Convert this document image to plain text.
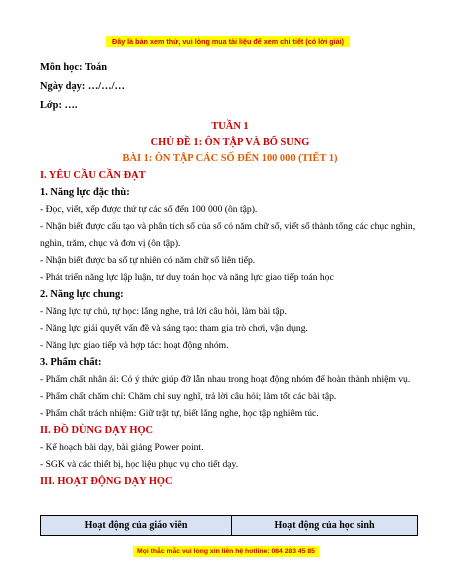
Đây là bản xem thử, vui lòng mua tài liệu để xem chi tiết (có lời giải)
Môn học: Toán
Ngày dạy: …/…/…
Lớp: ….
TUẦN 1
CHỦ ĐỀ 1: ÔN TẬP VÀ BỔ SUNG
BÀI 1: ÔN TẬP CÁC SỐ ĐẾN 100 000 (TIẾT 1)
I. YÊU CẦU CẦN ĐẠT
1. Năng lực đặc thù:

- Đọc, viết, xếp được thứ tự các số đến 100 000 (ôn tập).

- Nhận biết được cấu tạo và phân tích số của số có năm chữ số, viết số thành tổng các chục nghìn, nghìn, trăm, chục và đơn vị (ôn tập).

- Nhận biết được ba số tự nhiên có năm chữ số liên tiếp.

- Phát triển năng lực lập luận, tư duy toán học và năng lực giao tiếp toán học

2. Năng lực chung:

- Năng lực tự chủ, tự học: lắng nghe, trả lời câu hỏi, làm bài tập.

- Năng lực giải quyết vấn đề và sáng tạo: tham gia trò chơi, vận dụng.

- Năng lực giao tiếp và hợp tác: hoạt động nhóm.

3. Phẩm chất:

- Phẩm chất nhân ái: Có ý thức giúp đỡ lẫn nhau trong hoạt động nhóm để hoàn thành nhiệm vụ.

- Phẩm chất chăm chỉ: Chăm chỉ suy nghĩ, trả lời câu hỏi; làm tốt các bài tập.

- Phẩm chất trách nhiệm: Giữ trật tự, biết lắng nghe, học tập nghiêm túc.

II. ĐỒ DÙNG DẠY HỌC

- Kế hoạch bài dạy, bài giảng Power point.

- SGK và các thiết bị, học liệu phục vụ cho tiết dạy.

III. HOẠT ĐỘNG DẠY HỌC
Hoạt động của giáo viên	Hoạt động của học sinh
Mọi thắc mắc vui lòng xin liên hệ hotline: 084 283 45 85
